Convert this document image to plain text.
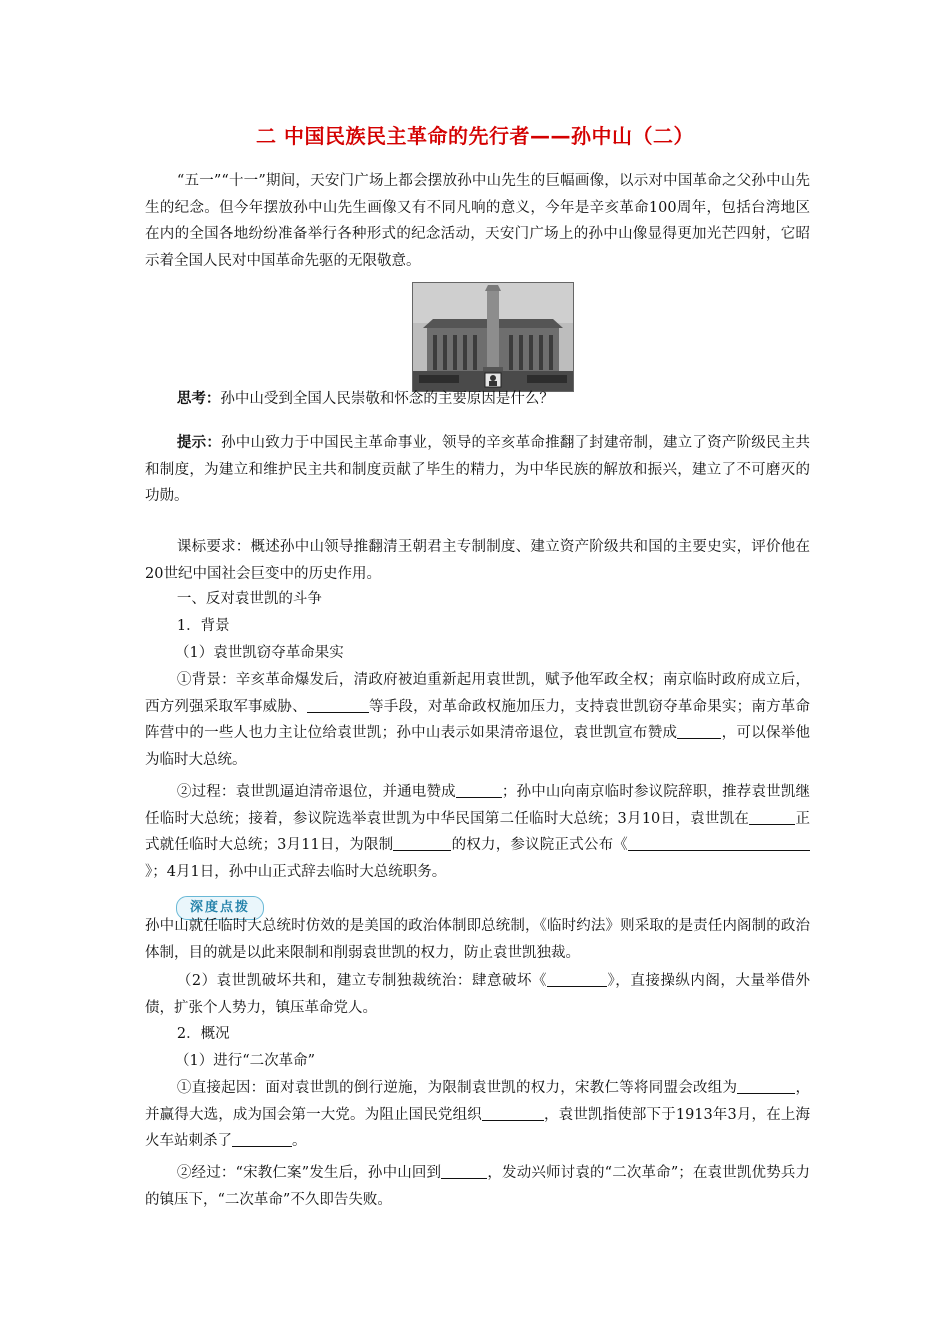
二 中国民族民主革命的先行者——孙中山（二）

“五一”“十一”期间，天安门广场上都会摆放孙中山先生的巨幅画像，以示对中国革命之父孙中山先生的纪念。但今年摆放孙中山先生画像又有不同凡响的意义，今年是辛亥革命100周年，包括台湾地区在内的全国各地纷纷准备举行各种形式的纪念活动，天安门广场上的孙中山像显得更加光芒四射，它昭示着全国人民对中国革命先驱的无限敬意。

思考：孙中山受到全国人民崇敬和怀念的主要原因是什么？

提示：孙中山致力于中国民主革命事业，领导的辛亥革命推翻了封建帝制，建立了资产阶级民主共和制度，为建立和维护民主共和制度贡献了毕生的精力，为中华民族的解放和振兴，建立了不可磨灭的功勋。

课标要求：概述孙中山领导推翻清王朝君主专制制度、建立资产阶级共和国的主要史实，评价他在20世纪中国社会巨变中的历史作用。

一、反对袁世凯的斗争
1．背景
（1）袁世凯窃夺革命果实

①背景：辛亥革命爆发后，清政府被迫重新起用袁世凯，赋予他军政全权；南京临时政府成立后，西方列强采取军事威胁、	等手段，对革命政权施加压力，支持袁世凯窃夺革命果实；南方革命阵营中的一些人也力主让位给袁世凯；孙中山表示如果清帝退位，袁世凯宣布赞成	，可以保举他为临时大总统。

②过程：袁世凯逼迫清帝退位，并通电赞成	；孙中山向南京临时参议院辞职，推荐袁世凯继任临时大总统；接着，参议院选举袁世凯为中华民国第二任临时大总统；3月10日，袁世凯在	正式就任临时大总统；3月11日，为限制	的权力，参议院正式公布《》；4月1日，孙中山正式辞去临时大总统职务。

深度点拨

孙中山就任临时大总统时仿效的是美国的政治体制即总统制，《临时约法》则采取的是责任内阁制的政治体制，目的就是以此来限制和削弱袁世凯的权力，防止袁世凯独裁。

（2）袁世凯破坏共和，建立专制独裁统治：肆意破坏《	》，直接操纵内阁，大量举借外债，扩张个人势力，镇压革命党人。

2．概况
（1）进行“二次革命”

①直接起因：面对袁世凯的倒行逆施，为限制袁世凯的权力，宋教仁等将同盟会改组为	，并赢得大选，成为国会第一大党。为阻止国民党组织	，袁世凯指使部下于1913年3月，在上海火车站刺杀了	。

②经过：“宋教仁案”发生后，孙中山回到	，发动兴师讨袁的“二次革命”；在袁世凯优势兵力的镇压下，“二次革命”不久即告失败。
